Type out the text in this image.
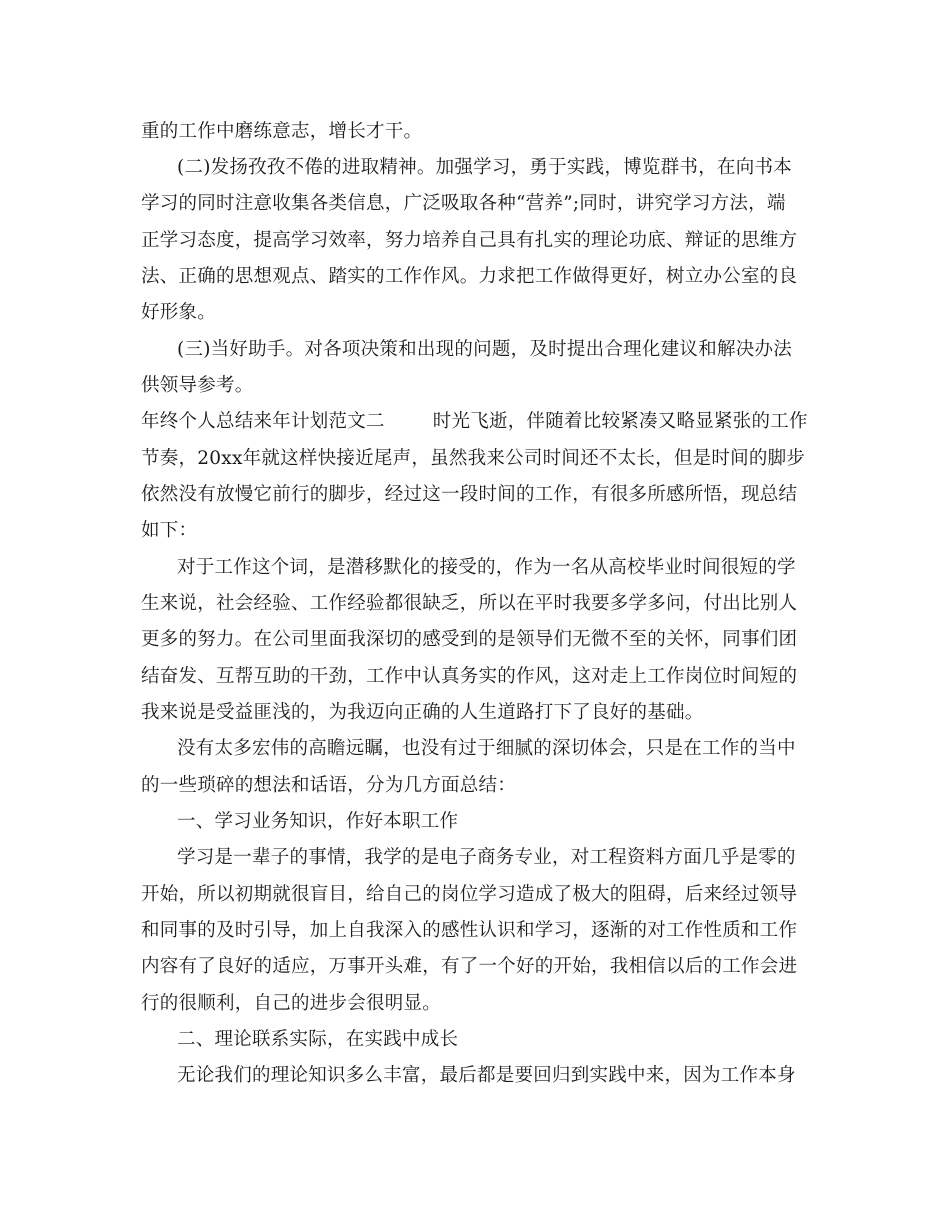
重的工作中磨练意志，增长才干。
(二)发扬孜孜不倦的进取精神。加强学习，勇于实践，博览群书，在向书本
学习的同时注意收集各类信息，广泛吸取各种“营养”;同时，讲究学习方法，端
正学习态度，提高学习效率，努力培养自己具有扎实的理论功底、辩证的思维方
法、正确的思想观点、踏实的工作作风。力求把工作做得更好，树立办公室的良
好形象。
(三)当好助手。对各项决策和出现的问题，及时提出合理化建议和解决办法
供领导参考。
年终个人总结来年计划范文二	时光飞逝，伴随着比较紧凑又略显紧张的工作
节奏，20xx年就这样快接近尾声，虽然我来公司时间还不太长，但是时间的脚步
依然没有放慢它前行的脚步，经过这一段时间的工作，有很多所感所悟，现总结
如下：
对于工作这个词，是潜移默化的接受的，作为一名从高校毕业时间很短的学
生来说，社会经验、工作经验都很缺乏，所以在平时我要多学多问，付出比别人
更多的努力。在公司里面我深切的感受到的是领导们无微不至的关怀，同事们团
结奋发、互帮互助的干劲，工作中认真务实的作风，这对走上工作岗位时间短的
我来说是受益匪浅的，为我迈向正确的人生道路打下了良好的基础。
没有太多宏伟的高瞻远瞩，也没有过于细腻的深切体会，只是在工作的当中
的一些琐碎的想法和话语，分为几方面总结：
一、学习业务知识，作好本职工作
学习是一辈子的事情，我学的是电子商务专业，对工程资料方面几乎是零的
开始，所以初期就很盲目，给自己的岗位学习造成了极大的阻碍，后来经过领导
和同事的及时引导，加上自我深入的感性认识和学习，逐渐的对工作性质和工作
内容有了良好的适应，万事开头难，有了一个好的开始，我相信以后的工作会进
行的很顺利，自己的进步会很明显。
二、理论联系实际，在实践中成长
无论我们的理论知识多么丰富，最后都是要回归到实践中来，因为工作本身
